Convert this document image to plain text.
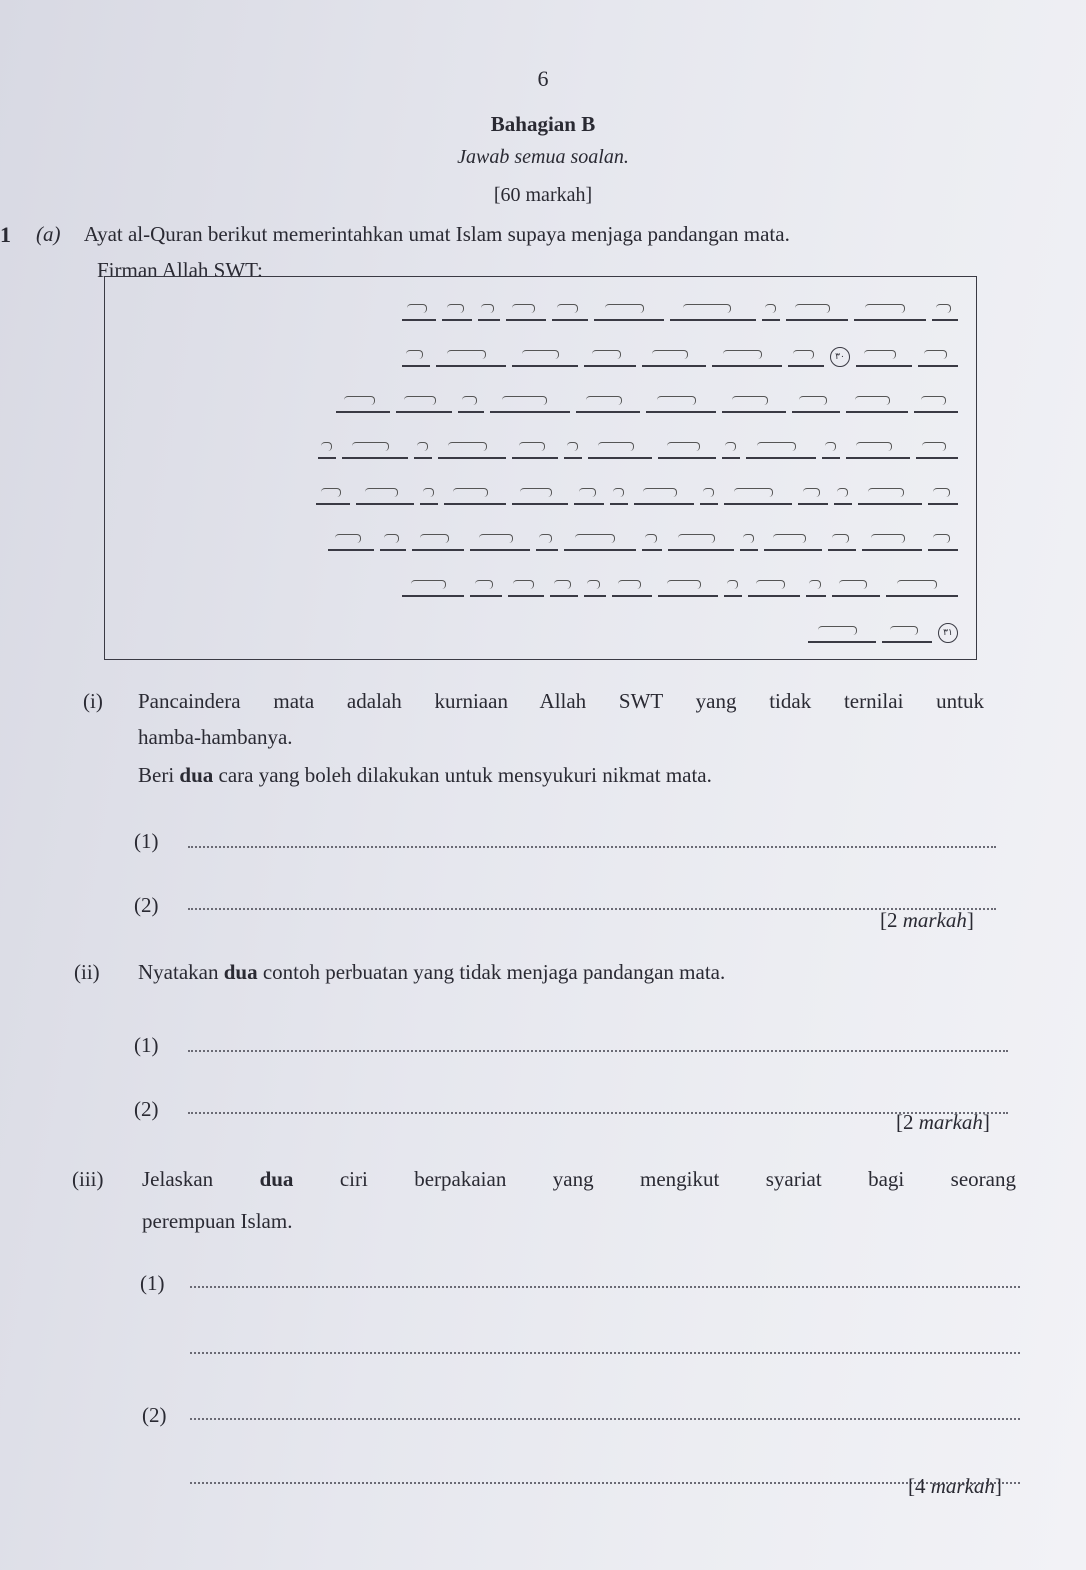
6
Bahagian B
Jawab semua soalan.
[60 markah]
1 (a) Ayat al-Quran berikut memerintahkan umat Islam supaya menjaga pandangan mata.
Firman Allah SWT:
٣٠
٣١
(i) Pancaindera mata adalah kurniaan Allah SWT yang tidak ternilai untuk
hamba-hambanya.
Beri dua cara yang boleh dilakukan untuk mensyukuri nikmat mata.
(1)
(2)
[2 markah]
(ii) Nyatakan dua contoh perbuatan yang tidak menjaga pandangan mata.
(1)
(2)
[2 markah]
(iii) Jelaskan dua ciri berpakaian yang mengikut syariat bagi seorang
perempuan Islam.
(1)
(2)
[4 markah]
